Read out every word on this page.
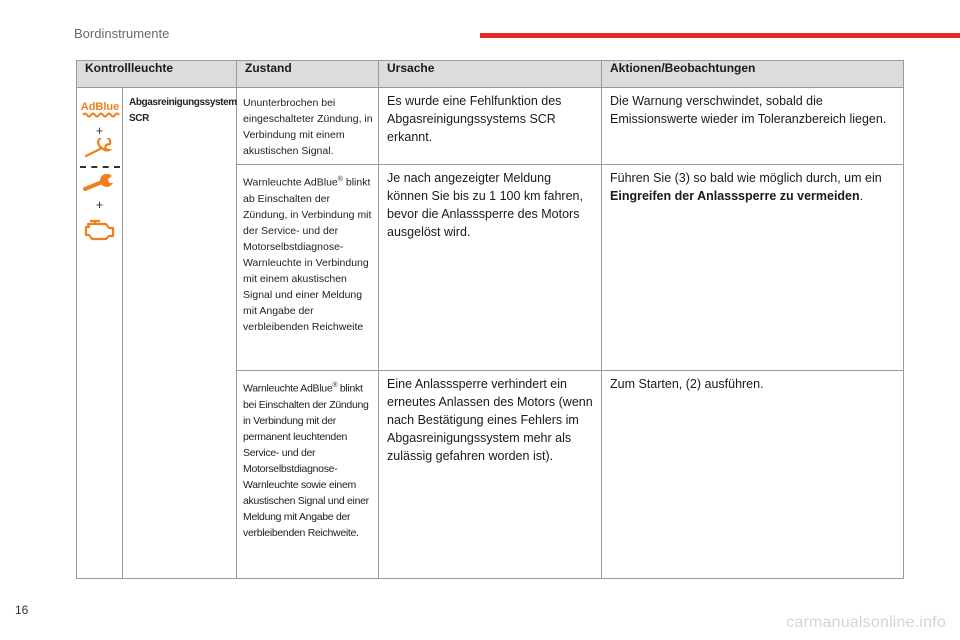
Bordinstrumente
Kontrollleuchte		Zustand	Ursache	Aktionen/Beobachtungen

AdBlue
+
+	Abgasreinigungssystem SCR	Ununterbrochen bei eingeschalteter Zündung, in Verbindung mit einem akustischen Signal.	Es wurde eine Fehlfunktion des Abgasreinigungssystems SCR erkannt.	Die Warnung verschwindet, sobald die Emissionswerte wieder im Toleranzbereich liegen.
		Warnleuchte AdBlue® blinkt ab Einschalten der Zündung, in Verbindung mit der Service- und der Motorselbstdiagnose-Warnleuchte in Verbindung mit einem akustischen Signal und einer Meldung mit Angabe der verbleibenden Reichweite	Je nach angezeigter Meldung können Sie bis zu 1 100 km fahren, bevor die Anlasssperre des Motors ausgelöst wird.	Führen Sie (3) so bald wie möglich durch, um ein Eingreifen der Anlasssperre zu vermeiden.
		Warnleuchte AdBlue® blinkt bei Einschalten der Zündung in Verbindung mit der permanent leuchtenden Service- und der Motorselbstdiagnose-Warnleuchte sowie einem akustischen Signal und einer Meldung mit Angabe der verbleibenden Reichweite.	Eine Anlasssperre verhindert ein erneutes Anlassen des Motors (wenn nach Bestätigung eines Fehlers im Abgasreinigungssystem mehr als zulässig gefahren worden ist).	Zum Starten, (2) ausführen.
16
carmanualsonline.info
